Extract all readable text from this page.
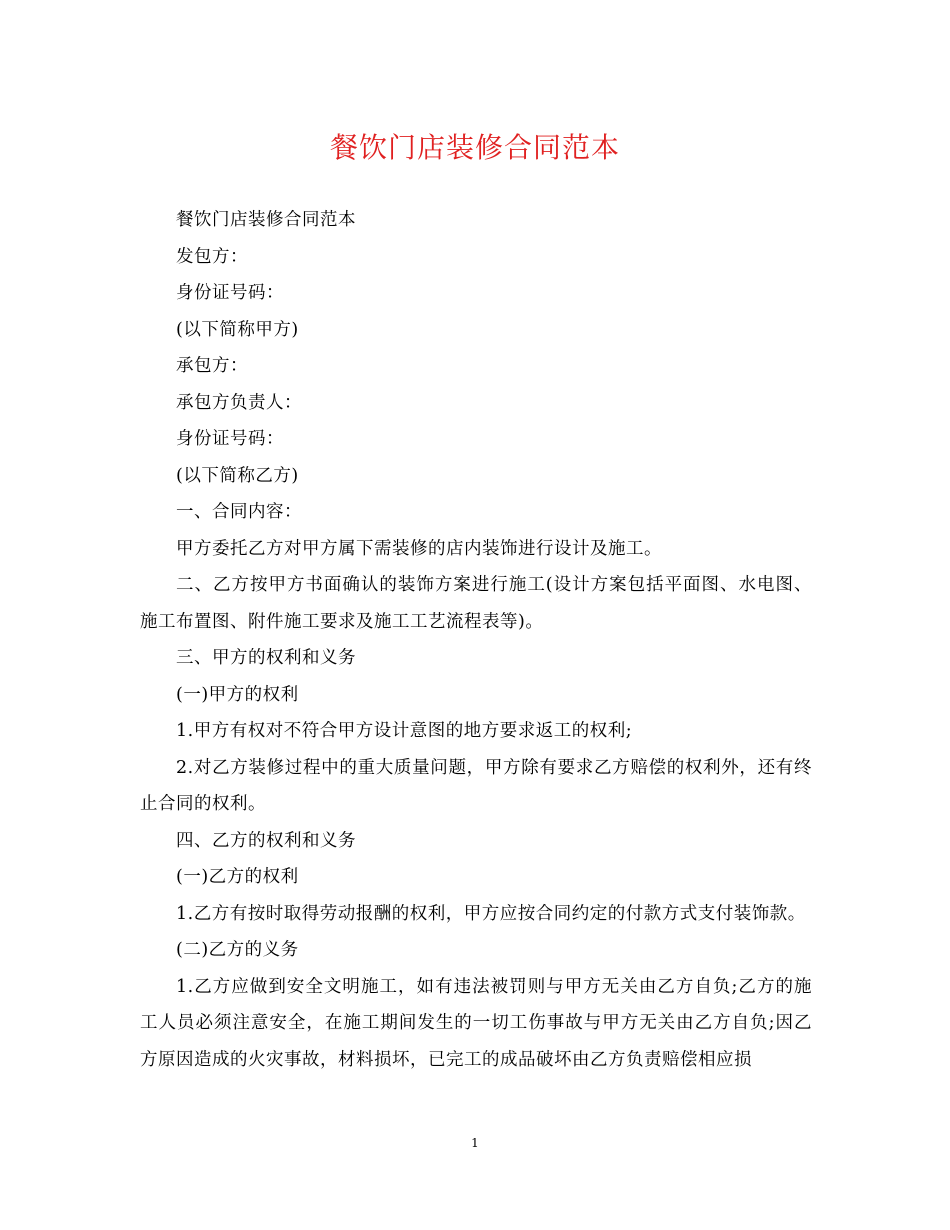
餐饮门店装修合同范本

餐饮门店装修合同范本

发包方：

身份证号码：

(以下简称甲方)

承包方：

承包方负责人：

身份证号码：

(以下简称乙方)

一、合同内容：

甲方委托乙方对甲方属下需装修的店内装饰进行设计及施工。

二、乙方按甲方书面确认的装饰方案进行施工(设计方案包括平面图、水电图、施工布置图、附件施工要求及施工工艺流程表等)。

三、甲方的权利和义务

(一)甲方的权利

1.甲方有权对不符合甲方设计意图的地方要求返工的权利;

2.对乙方装修过程中的重大质量问题，甲方除有要求乙方赔偿的权利外，还有终止合同的权利。

四、乙方的权利和义务

(一)乙方的权利

1.乙方有按时取得劳动报酬的权利，甲方应按合同约定的付款方式支付装饰款。

(二)乙方的义务

1.乙方应做到安全文明施工，如有违法被罚则与甲方无关由乙方自负;乙方的施工人员必须注意安全，在施工期间发生的一切工伤事故与甲方无关由乙方自负;因乙方原因造成的火灾事故，材料损坏，已完工的成品破坏由乙方负责赔偿相应损

1
